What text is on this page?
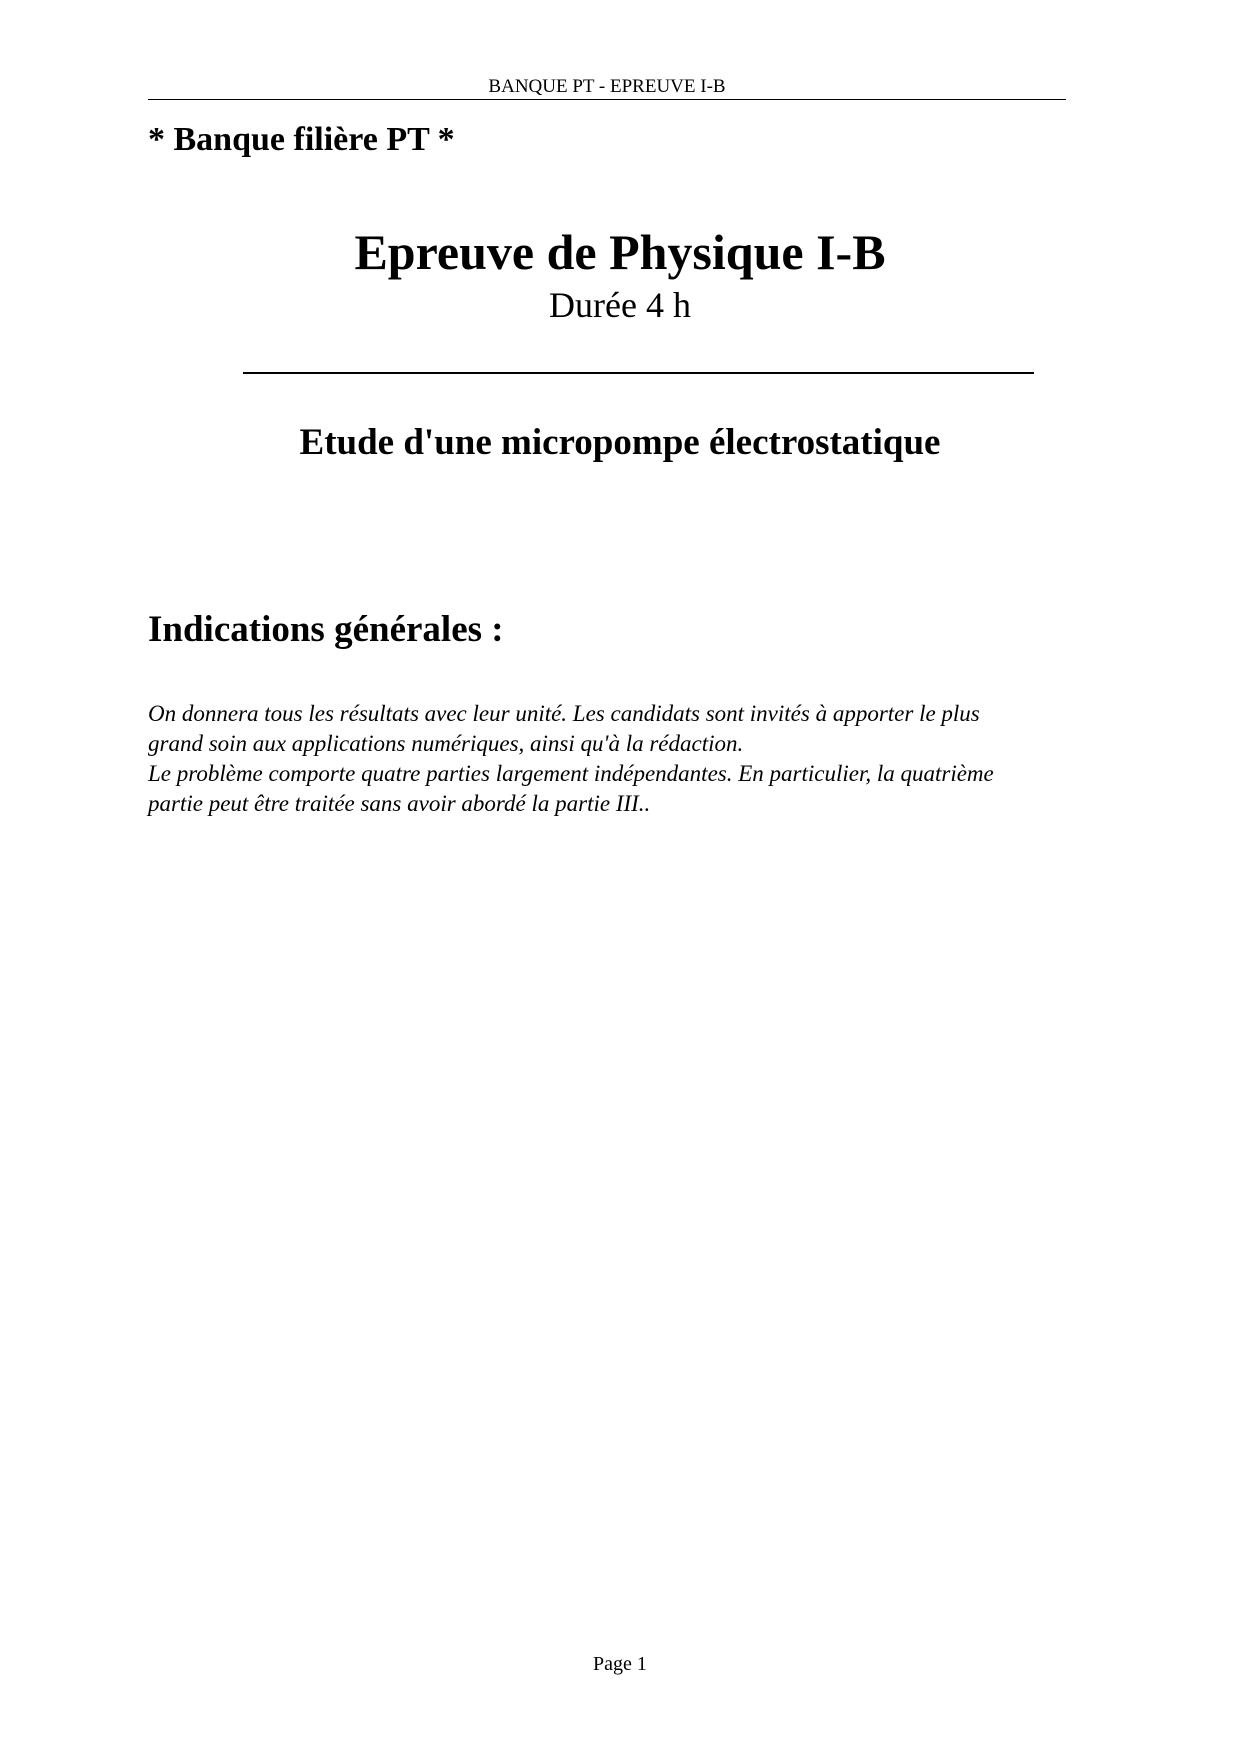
BANQUE PT - EPREUVE I-B
* Banque filière PT *
Epreuve de Physique I-B
Durée 4 h
Etude d'une micropompe électrostatique
Indications générales :
On donnera tous les résultats avec leur unité. Les candidats sont invités à apporter le plus
grand soin aux applications numériques, ainsi qu'à la rédaction.
Le problème comporte quatre parties largement indépendantes. En particulier, la quatrième
partie peut être traitée sans avoir abordé la partie III..
Page 1
